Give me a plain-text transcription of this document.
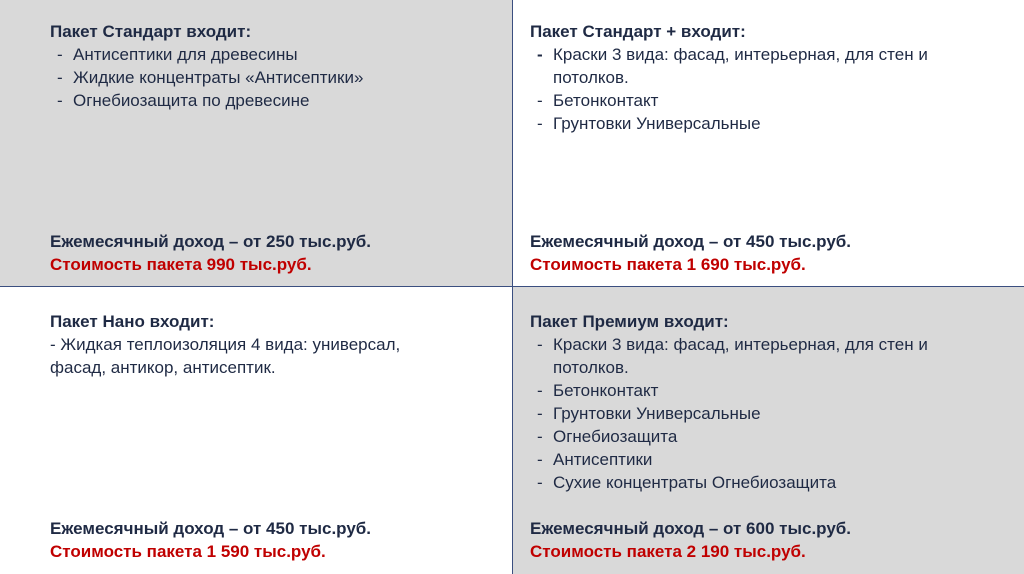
Пакет Стандарт входит:

- Антисептики для древесины
- Жидкие концентраты «Антисептики»
- Огнебиозащита по древесине

Ежемесячный доход – от 250 тыс.руб.

Стоимость пакета 990 тыс.руб.

Пакет Стандарт + входит:

- Краски 3 вида: фасад, интерьерная, для стен и потолков.
- Бетонконтакт
- Грунтовки Универсальные

Ежемесячный доход – от 450 тыс.руб.

Стоимость пакета 1 690 тыс.руб.

Пакет Нано входит:

- Жидкая теплоизоляция 4 вида: универсал, фасад, антикор, антисептик.

Ежемесячный доход – от 450 тыс.руб.

Стоимость пакета 1 590 тыс.руб.

Пакет Премиум входит:

- Краски 3 вида: фасад, интерьерная, для стен и потолков.
- Бетонконтакт
- Грунтовки Универсальные
- Огнебиозащита
- Антисептики
- Сухие концентраты Огнебиозащита

Ежемесячный доход – от 600 тыс.руб.

Стоимость пакета 2 190 тыс.руб.
